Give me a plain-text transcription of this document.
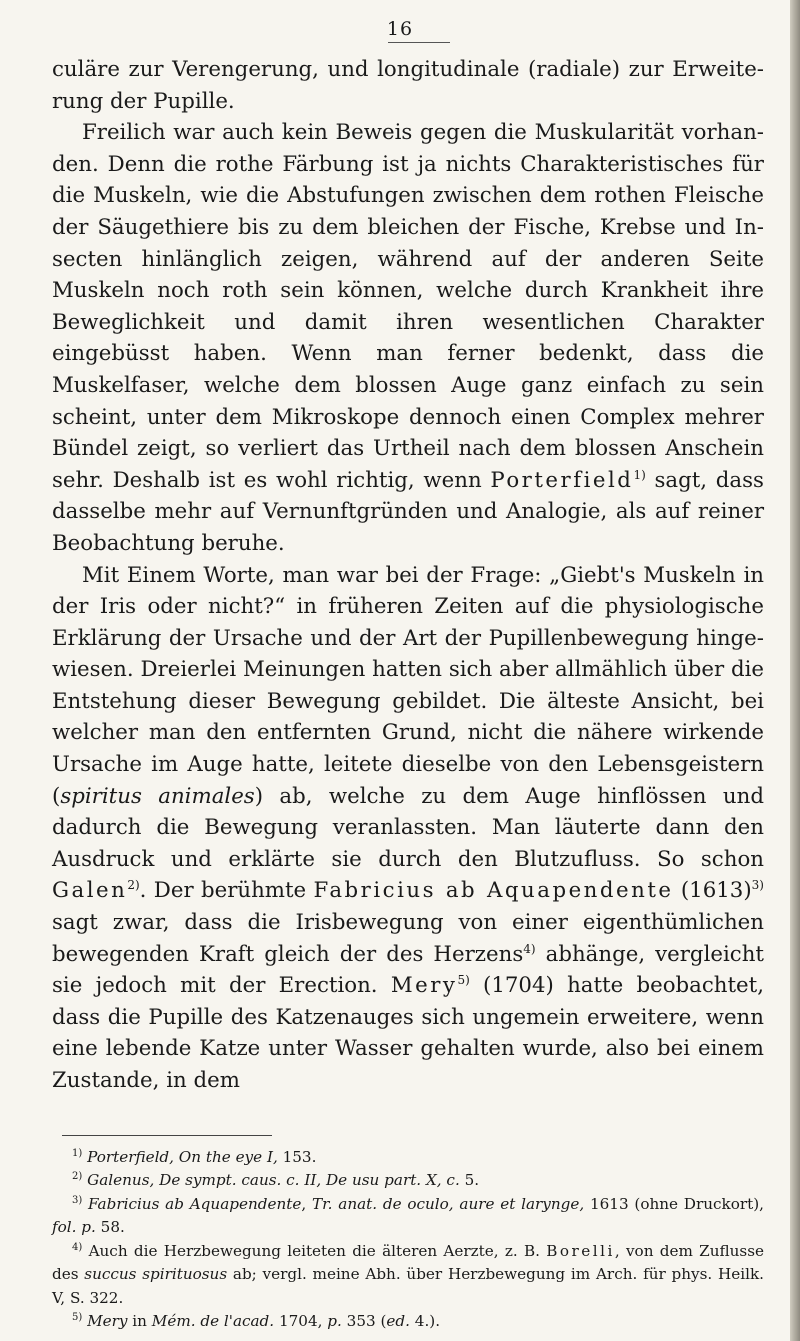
16

culäre zur Verengerung, und longitudinale (radiale) zur Erweiterung der Pupille.

Freilich war auch kein Beweis gegen die Muskularität vorhanden. Denn die rothe Färbung ist ja nichts Charakteristisches für die Muskeln, wie die Abstufungen zwischen dem rothen Fleische der Säugethiere bis zu dem bleichen der Fische, Krebse und Insecten hinlänglich zeigen, während auf der anderen Seite Muskeln noch roth sein können, welche durch Krankheit ihre Beweglichkeit und damit ihren wesentlichen Charakter eingebüsst haben. Wenn man ferner bedenkt, dass die Muskelfaser, welche dem blossen Auge ganz einfach zu sein scheint, unter dem Mikroskope dennoch einen Complex mehrer Bündel zeigt, so verliert das Urtheil nach dem blossen Anschein sehr. Deshalb ist es wohl richtig, wenn Porterfield$^{1)}$ sagt, dass dasselbe mehr auf Vernunftgründen und Analogie, als auf reiner Beobachtung beruhe.

Mit Einem Worte, man war bei der Frage: „Giebt's Muskeln in der Iris oder nicht?“ in früheren Zeiten auf die physiologische Erklärung der Ursache und der Art der Pupillenbewegung hingewiesen. Dreierlei Meinungen hatten sich aber allmählich über die Entstehung dieser Bewegung gebildet. Die älteste Ansicht, bei welcher man den entfernten Grund, nicht die nähere wirkende Ursache im Auge hatte, leitete dieselbe von den Lebensgeistern (spiritus animales) ab, welche zu dem Auge hinflössen und dadurch die Bewegung veranlassten. Man läuterte dann den Ausdruck und erklärte sie durch den Blutzufluss. So schon Galen$^{2)}$. Der berühmte Fabricius ab Aquapendente $(1613)^{3)}$ sagt zwar, dass die Irisbewegung von einer eigenthümlichen bewegenden Kraft gleich der des Herzens$^{4)}$ abhänge, vergleicht sie jedoch mit der Erection. Mery$^{5)}$ (1704) hatte beobachtet, dass die Pupille des Katzenauges sich ungemein erweitere, wenn eine lebende Katze unter Wasser gehalten wurde, also bei einem Zustande, in dem

$^{1)}$ Porterfield, On the eye I, 153.

$^{2)}$ Galenus, De sympt. caus. c. II, De usu part. X, c. 5.

$^{3)}$ Fabricius ab Aquapendente, Tr. anat. de oculo, aure et larynge, 1613 (ohne Druckort), fol. p. 58.

$^{4)}$ Auch die Herzbewegung leiteten die älteren Aerzte, z. B. Borelli, von dem Zuflusse des succus spirituosus ab; vergl. meine Abh. über Herzbewegung im Arch. für phys. Heilk. V, S. 322.

$^{5)}$ Mery in Mém. de l'acad. 1704, p. 353 (ed. 4.).
